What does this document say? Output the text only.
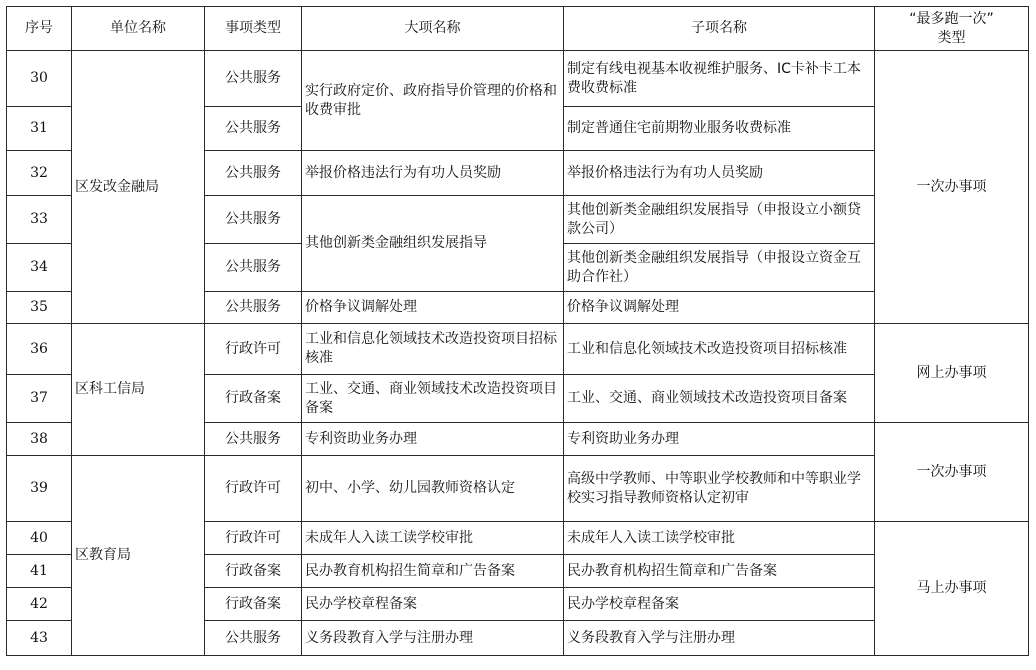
序号	单位名称	事项类型	大项名称	子项名称	“最多跑一次”
类型

30	区发改金融局	公共服务	实行政府定价、政府指导价管理的价格和收费审批	制定有线电视基本收视维护服务、IC卡补卡工本费收费标准	一次办事项
31		公共服务		制定普通住宅前期物业服务收费标准	
32		公共服务	举报价格违法行为有功人员奖励	举报价格违法行为有功人员奖励	
33		公共服务	其他创新类金融组织发展指导	其他创新类金融组织发展指导（申报设立小额贷款公司）	
34		公共服务		其他创新类金融组织发展指导（申报设立资金互助合作社）	
35		公共服务	价格争议调解处理	价格争议调解处理	
36	区科工信局	行政许可	工业和信息化领域技术改造投资项目招标核准	工业和信息化领域技术改造投资项目招标核准	网上办事项
37		行政备案	工业、交通、商业领域技术改造投资项目备案	工业、交通、商业领域技术改造投资项目备案	
38		公共服务	专利资助业务办理	专利资助业务办理	一次办事项
39	区教育局	行政许可	初中、小学、幼儿园教师资格认定	高级中学教师、中等职业学校教师和中等职业学校实习指导教师资格认定初审	
40		行政许可	未成年人入读工读学校审批	未成年人入读工读学校审批	马上办事项
41		行政备案	民办教育机构招生简章和广告备案	民办教育机构招生简章和广告备案	
42		行政备案	民办学校章程备案	民办学校章程备案	
43		公共服务	义务段教育入学与注册办理	义务段教育入学与注册办理	
